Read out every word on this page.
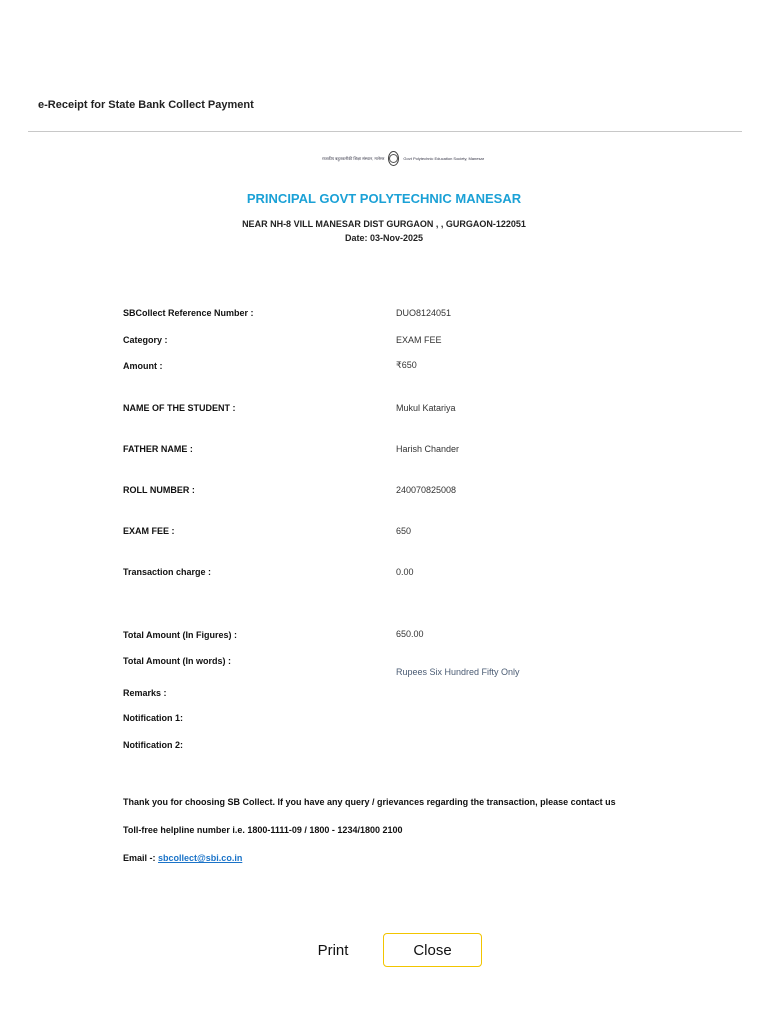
e-Receipt for State Bank Collect Payment
राजकीय बहुतकनीकी शिक्षा संस्थान, मानेसर	Govt Polytechnic Education Society, Manesar
PRINCIPAL GOVT POLYTECHNIC MANESAR
NEAR NH-8 VILL MANESAR DIST GURGAON , , GURGAON-122051
Date: 03-Nov-2025
SBCollect Reference Number :	DUO8124051
Category :	EXAM FEE
Amount :	₹650
NAME OF THE STUDENT :	Mukul Katariya
FATHER NAME :	Harish Chander
ROLL NUMBER :	240070825008
EXAM FEE :	650
Transaction charge :	0.00
Total Amount (In Figures) :	650.00
Total Amount (In words) :
Rupees Six Hundred Fifty Only
Remarks :
Notification 1:
Notification 2:
Thank you for choosing SB Collect. If you have any query / grievances regarding the transaction, please contact us
Toll-free helpline number i.e. 1800-1111-09 / 1800 - 1234/1800 2100
Email -: sbcollect@sbi.co.in
Print	Close
